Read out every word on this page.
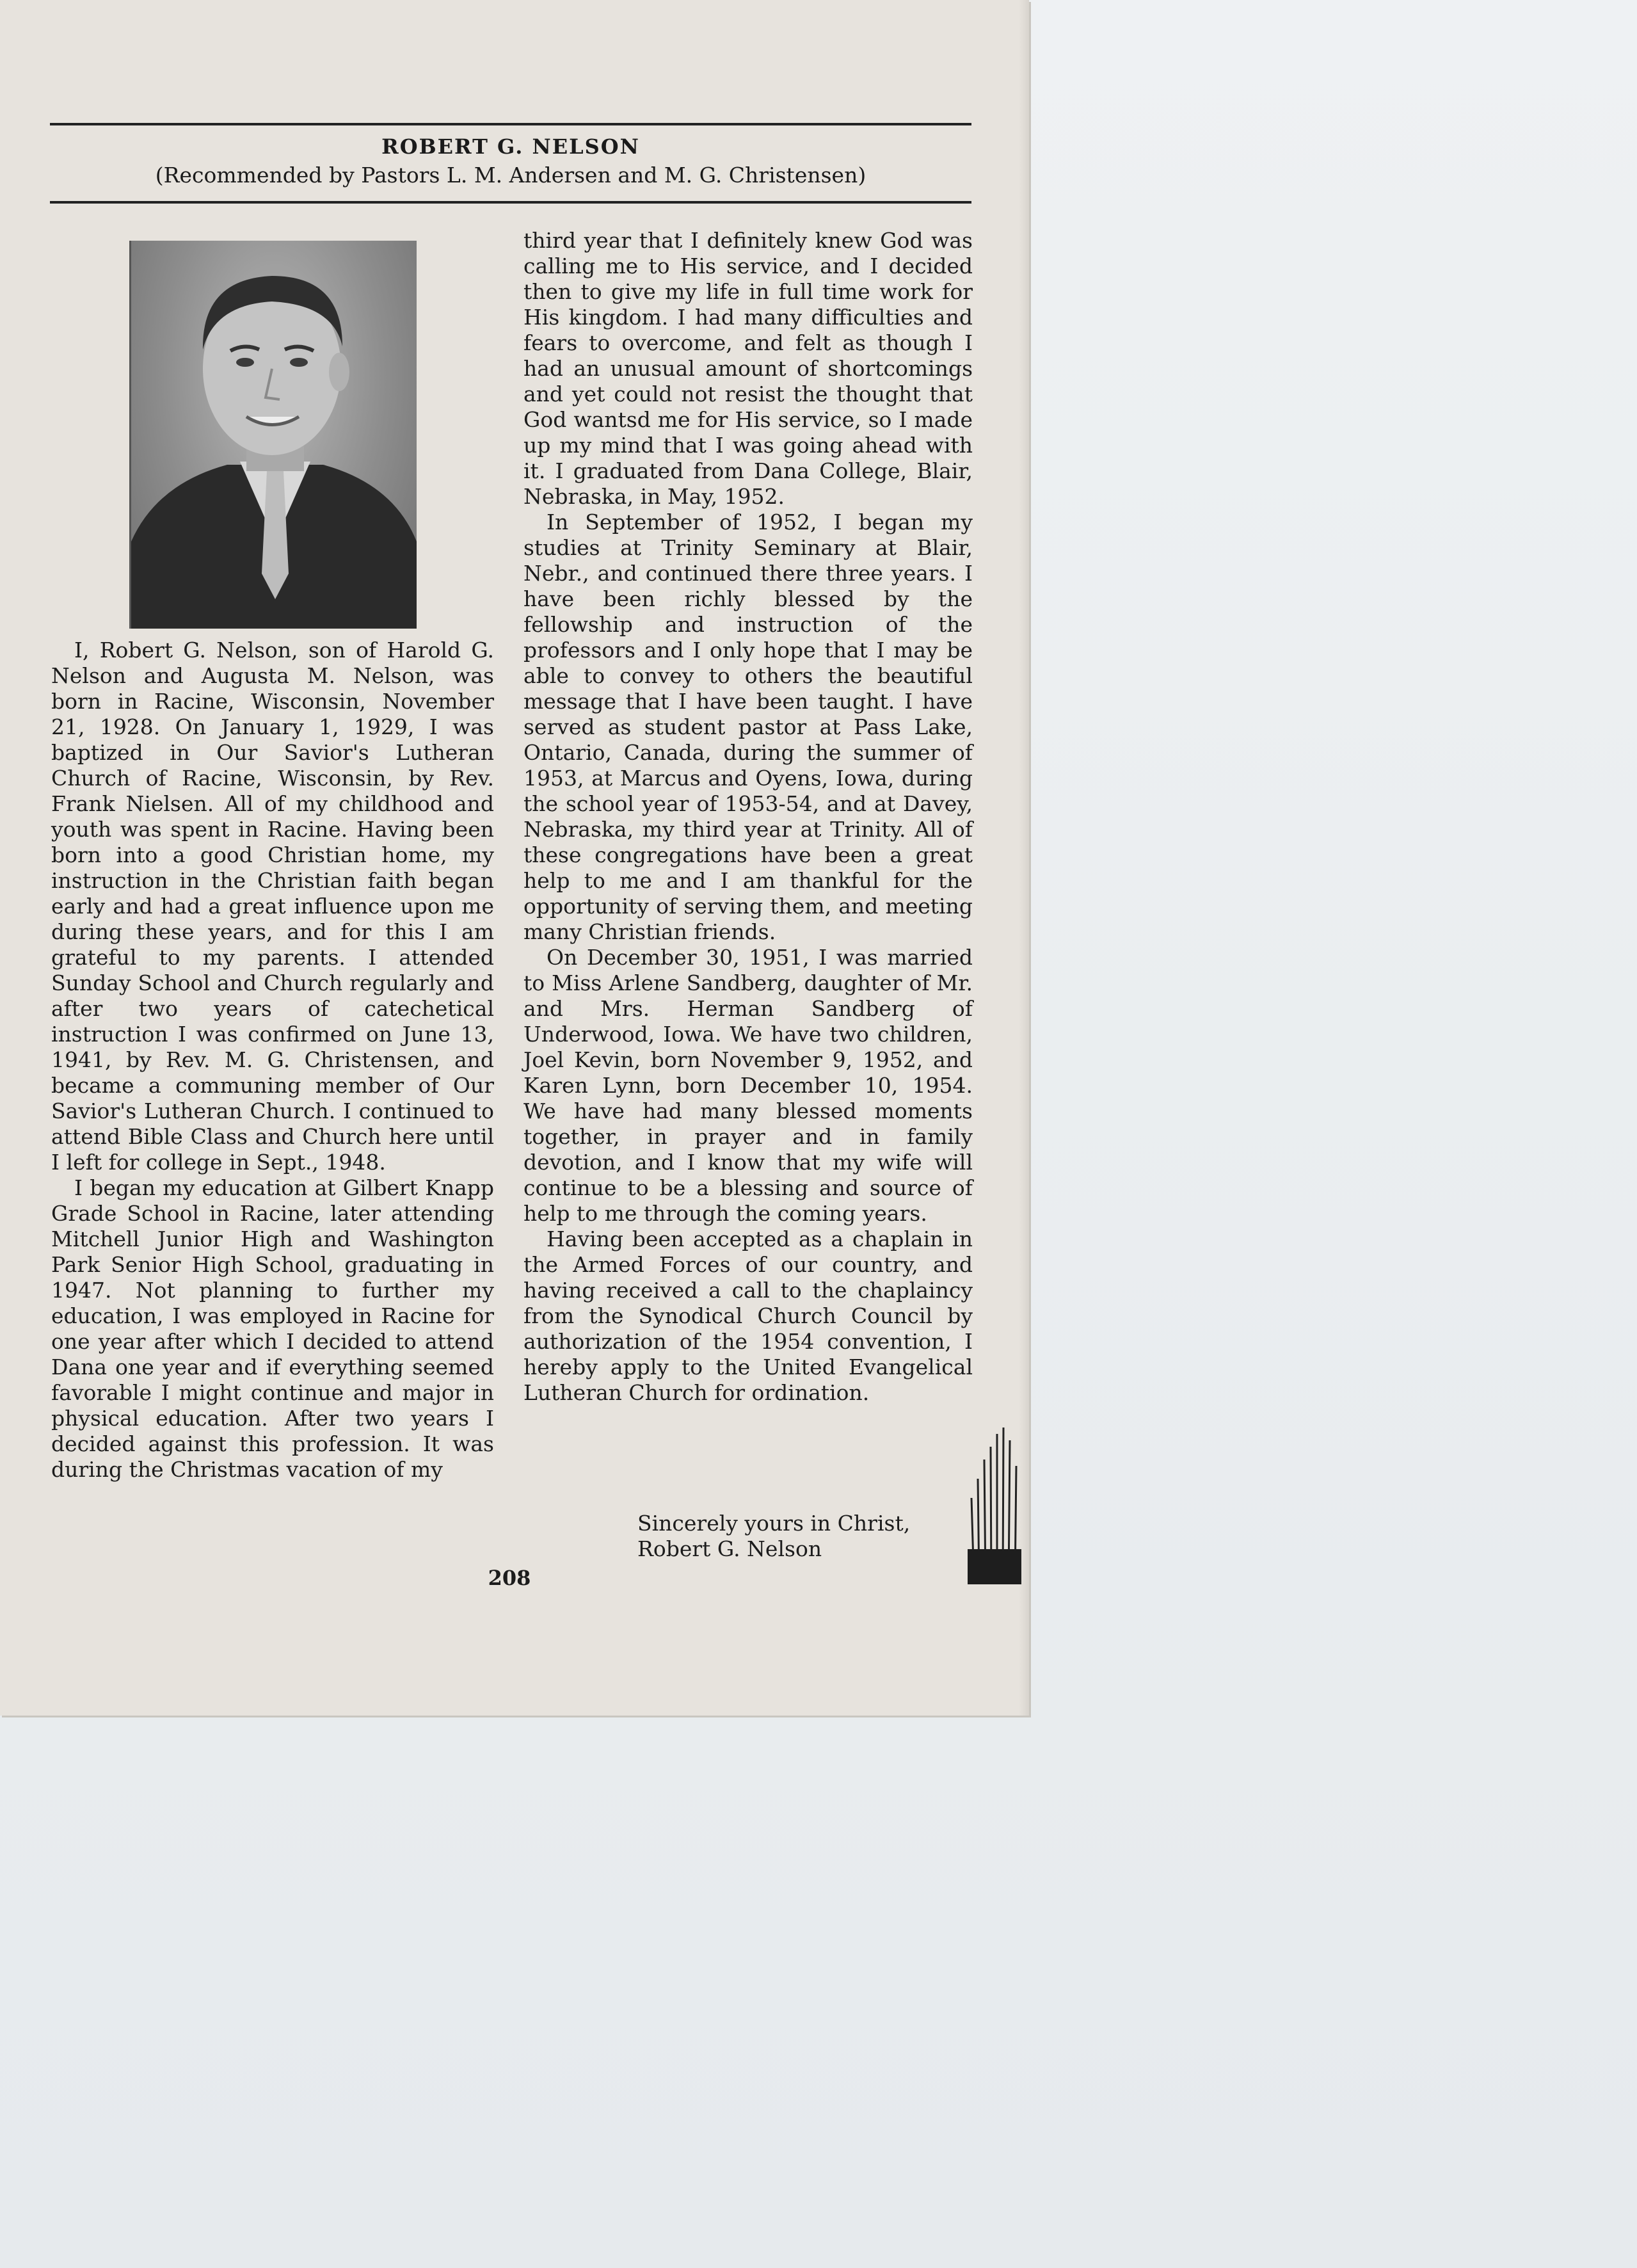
ROBERT G. NELSON
(Recommended by Pastors L. M. Andersen and M. G. Christensen)

I, Robert G. Nelson, son of Harold G. Nelson and Augusta M. Nelson, was born in Racine, Wisconsin, November 21, 1928. On January 1, 1929, I was baptized in Our Savior's Lutheran Church of Racine, Wisconsin, by Rev. Frank Nielsen. All of my childhood and youth was spent in Racine. Having been born into a good Christian home, my instruction in the Christian faith began early and had a great influence upon me during these years, and for this I am grateful to my parents. I attended Sunday School and Church regularly and after two years of catechetical instruction I was confirmed on June 13, 1941, by Rev. M. G. Christensen, and became a communing member of Our Savior's Lutheran Church. I continued to attend Bible Class and Church here until I left for college in Sept., 1948.

I began my education at Gilbert Knapp Grade School in Racine, later attending Mitchell Junior High and Washington Park Senior High School, graduating in 1947. Not planning to further my education, I was employed in Racine for one year after which I decided to attend Dana one year and if everything seemed favorable I might continue and major in physical education. After two years I decided against this profession. It was during the Christmas vacation of my

third year that I definitely knew God was calling me to His service, and I decided then to give my life in full time work for His kingdom. I had many difficulties and fears to overcome, and felt as though I had an unusual amount of shortcomings and yet could not resist the thought that God wantsd me for His service, so I made up my mind that I was going ahead with it. I graduated from Dana College, Blair, Nebraska, in May, 1952.

In September of 1952, I began my studies at Trinity Seminary at Blair, Nebr., and continued there three years. I have been richly blessed by the fellowship and instruction of the professors and I only hope that I may be able to convey to others the beautiful message that I have been taught. I have served as student pastor at Pass Lake, Ontario, Canada, during the summer of 1953, at Marcus and Oyens, Iowa, during the school year of 1953-54, and at Davey, Nebraska, my third year at Trinity. All of these congregations have been a great help to me and I am thankful for the opportunity of serving them, and meeting many Christian friends.

On December 30, 1951, I was married to Miss Arlene Sandberg, daughter of Mr. and Mrs. Herman Sandberg of Underwood, Iowa. We have two children, Joel Kevin, born November 9, 1952, and Karen Lynn, born December 10, 1954. We have had many blessed moments together, in prayer and in family devotion, and I know that my wife will continue to be a blessing and source of help to me through the coming years.

Having been accepted as a chaplain in the Armed Forces of our country, and having received a call to the chaplaincy from the Synodical Church Council by authorization of the 1954 convention, I hereby apply to the United Evangelical Lutheran Church for ordination.

Sincerely yours in Christ,
Robert G. Nelson
208
